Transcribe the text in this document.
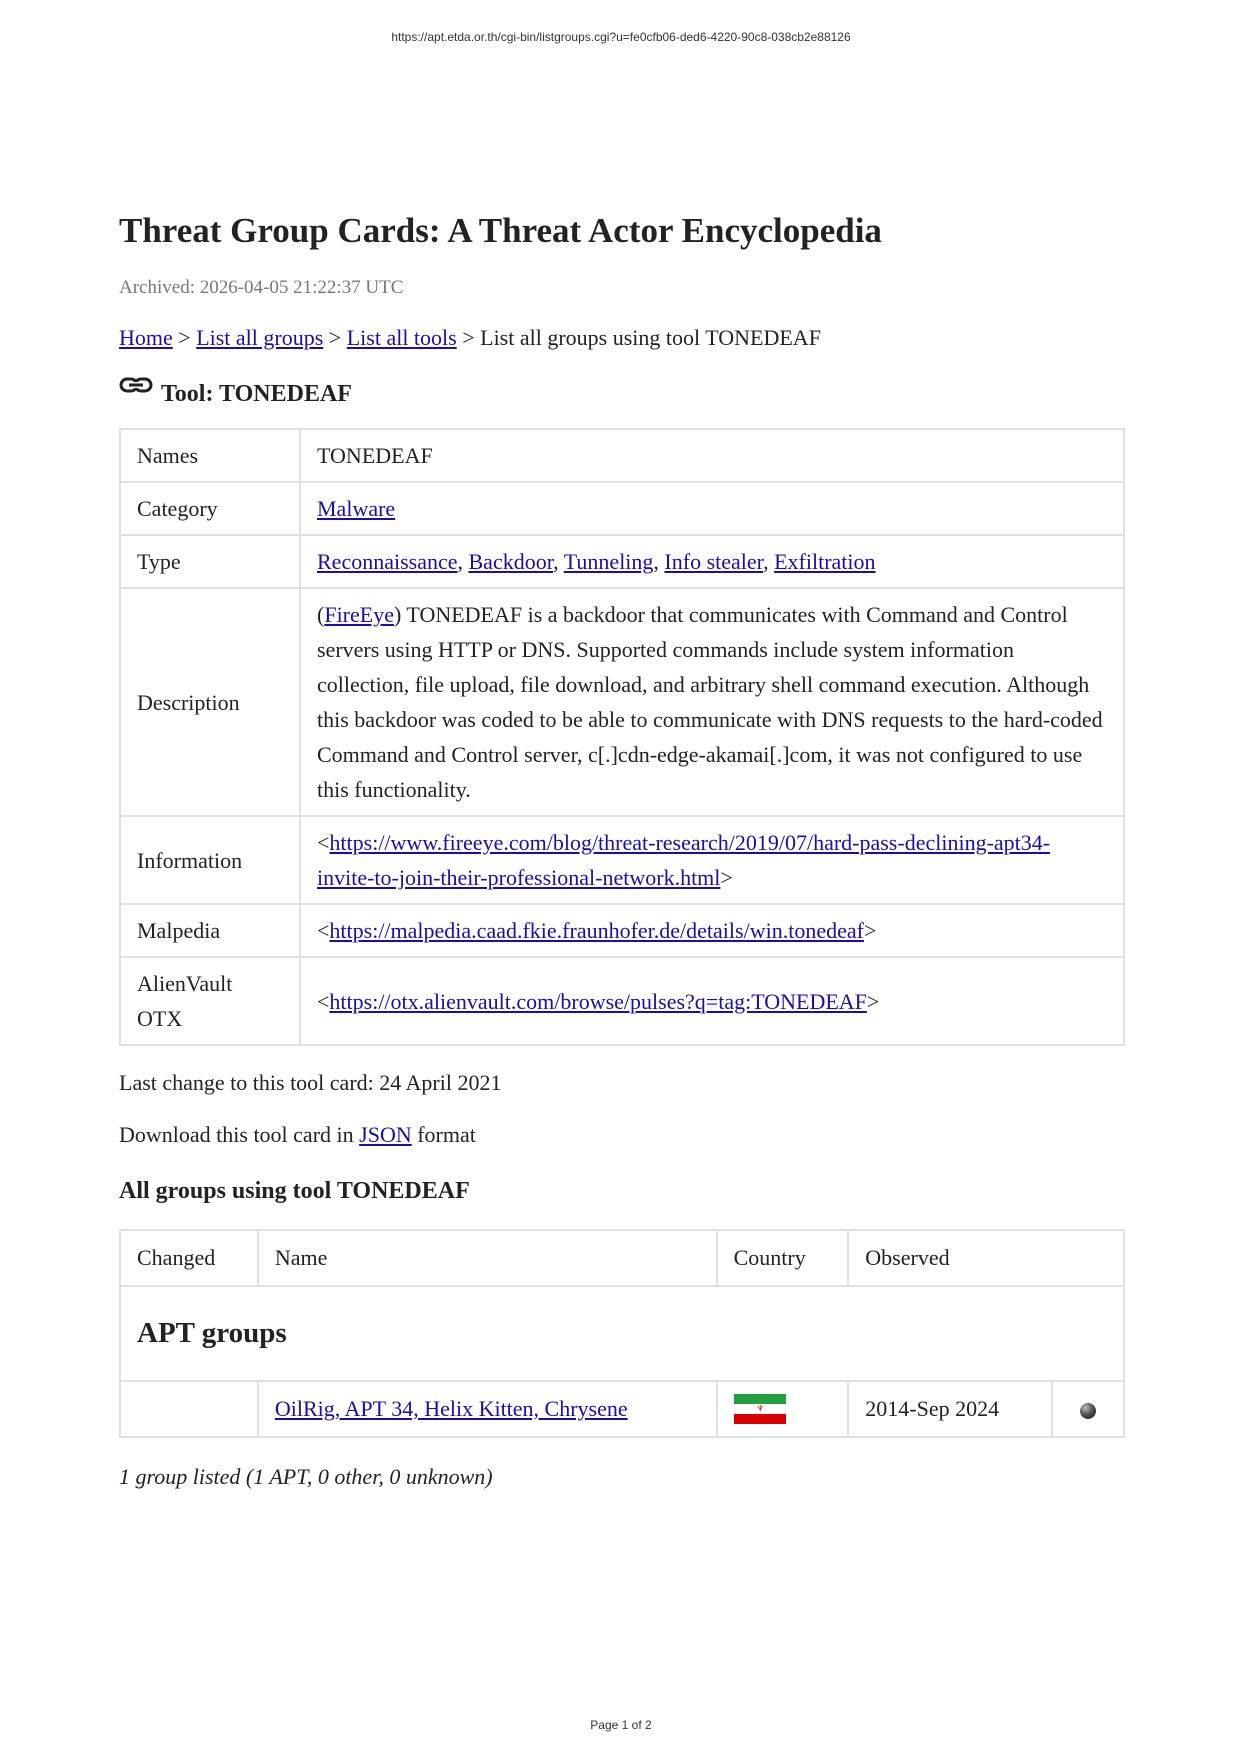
https://apt.etda.or.th/cgi-bin/listgroups.cgi?u=fe0cfb06-ded6-4220-90c8-038cb2e88126
Threat Group Cards: A Threat Actor Encyclopedia
Archived: 2026-04-05 21:22:37 UTC
Home > List all groups > List all tools > List all groups using tool TONEDEAF
Tool: TONEDEAF
Names	TONEDEAF
Category	Malware
Type	Reconnaissance, Backdoor, Tunneling, Info stealer, Exfiltration
Description	(FireEye) TONEDEAF is a backdoor that communicates with Command and Control servers using HTTP or DNS. Supported commands include system information collection, file upload, file download, and arbitrary shell command execution. Although this backdoor was coded to be able to communicate with DNS requests to the hard-coded Command and Control server, c[.]cdn-edge-akamai[.]com, it was not configured to use this functionality.
Information	<https://www.fireeye.com/blog/threat-research/2019/07/hard-pass-declining-apt34-invite-to-join-their-professional-network.html>
Malpedia	<https://malpedia.caad.fkie.fraunhofer.de/details/win.tonedeaf>
AlienVault OTX	<https://otx.alienvault.com/browse/pulses?q=tag:TONEDEAF>
Last change to this tool card: 24 April 2021
Download this tool card in JSON format
All groups using tool TONEDEAF
Changed	Name	Country	Observed	
APT groups				
	OilRig, APT 34, Helix Kitten, Chrysene	♆	2014-Sep 2024	
1 group listed (1 APT, 0 other, 0 unknown)
Page 1 of 2
